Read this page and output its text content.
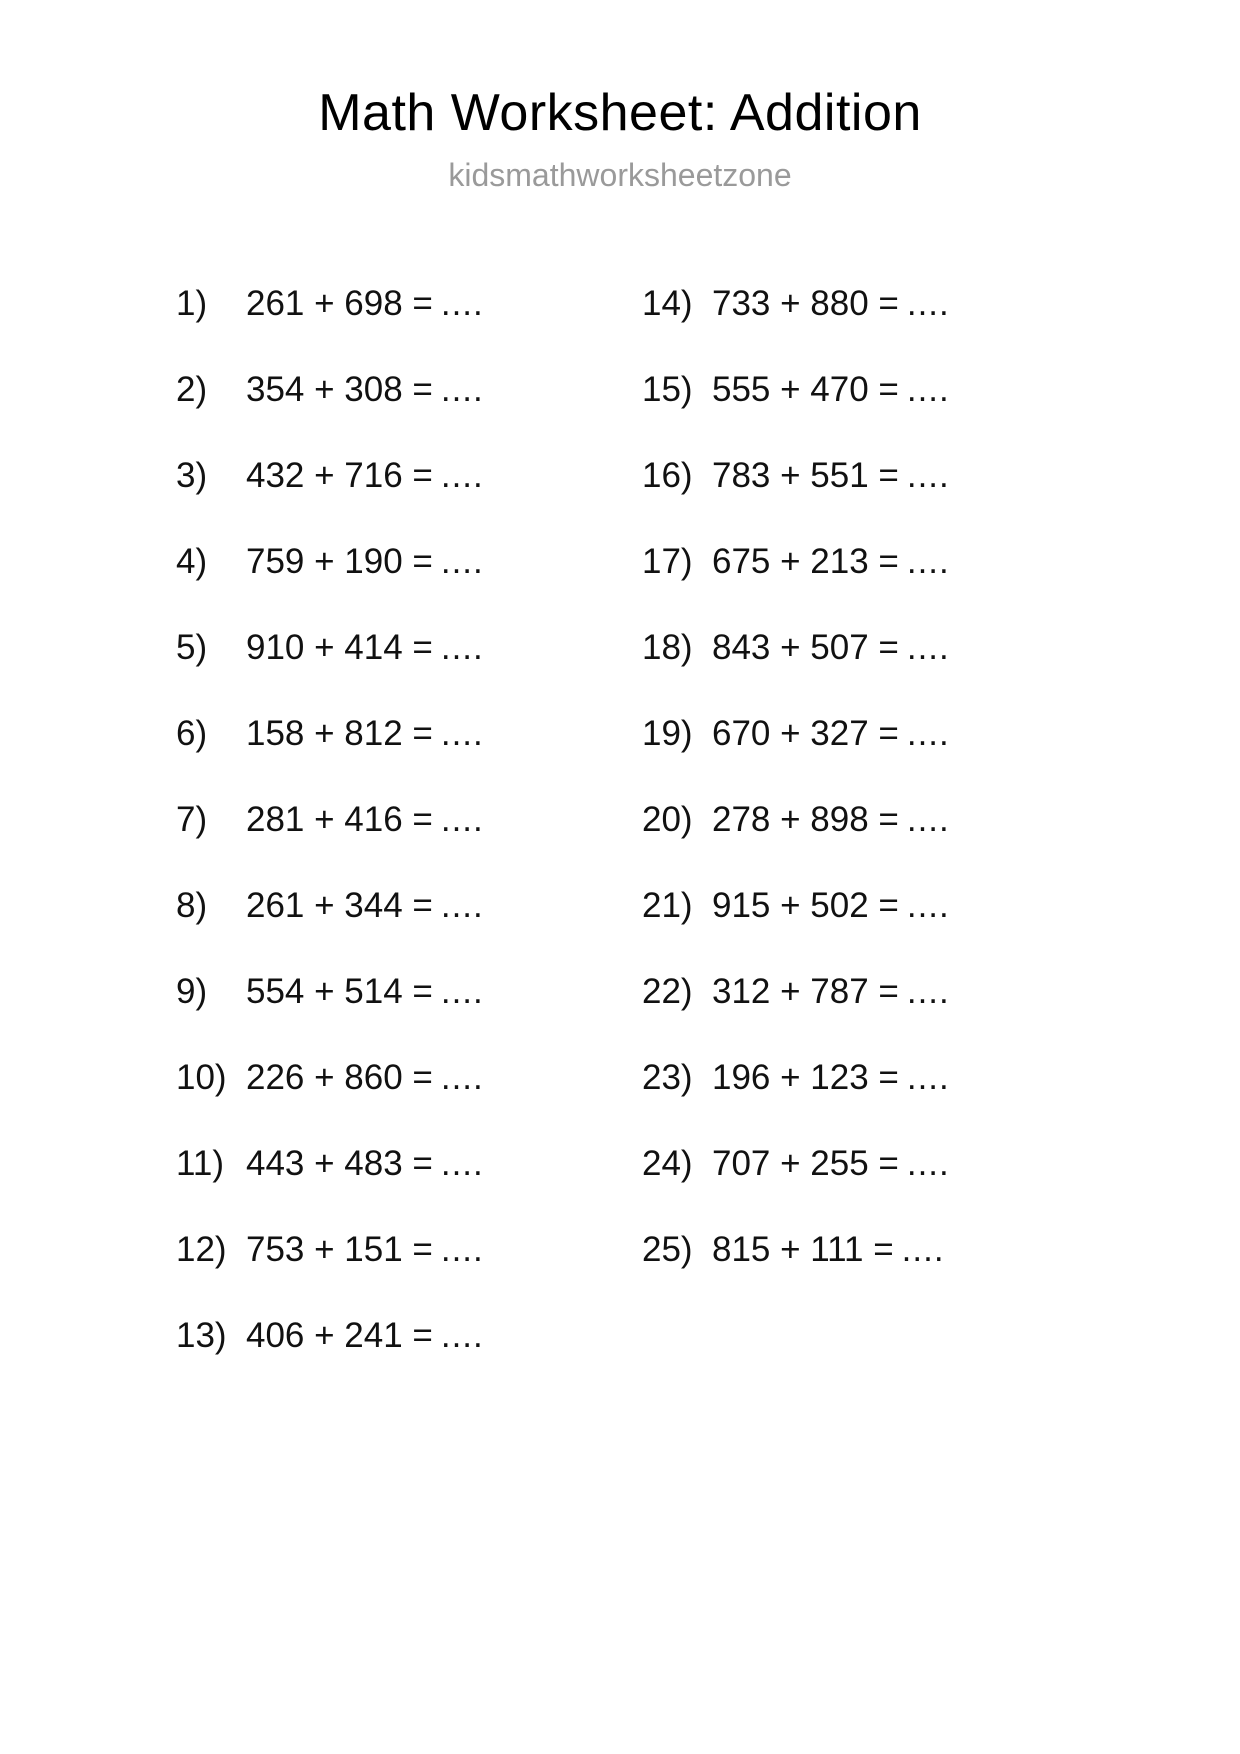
Math Worksheet: Addition
kidsmathworksheetzone
1)	261 + 698 = ....
2)	354 + 308 = ....
3)	432 + 716 = ....
4)	759 + 190 = ....
5)	910 + 414 = ....
6)	158 + 812 = ....
7)	281 + 416 = ....
8)	261 + 344 = ....
9)	554 + 514 = ....
10) 226 + 860 = ....
11) 443 + 483 = ....
12) 753 + 151 = ....
13) 406 + 241 = ....
14) 733 + 880 = ....
15) 555 + 470 = ....
16) 783 + 551 = ....
17) 675 + 213 = ....
18) 843 + 507 = ....
19) 670 + 327 = ....
20) 278 + 898 = ....
21) 915 + 502 = ....
22) 312 + 787 = ....
23) 196 + 123 = ....
24) 707 + 255 = ....
25) 815 + 111 = ....
